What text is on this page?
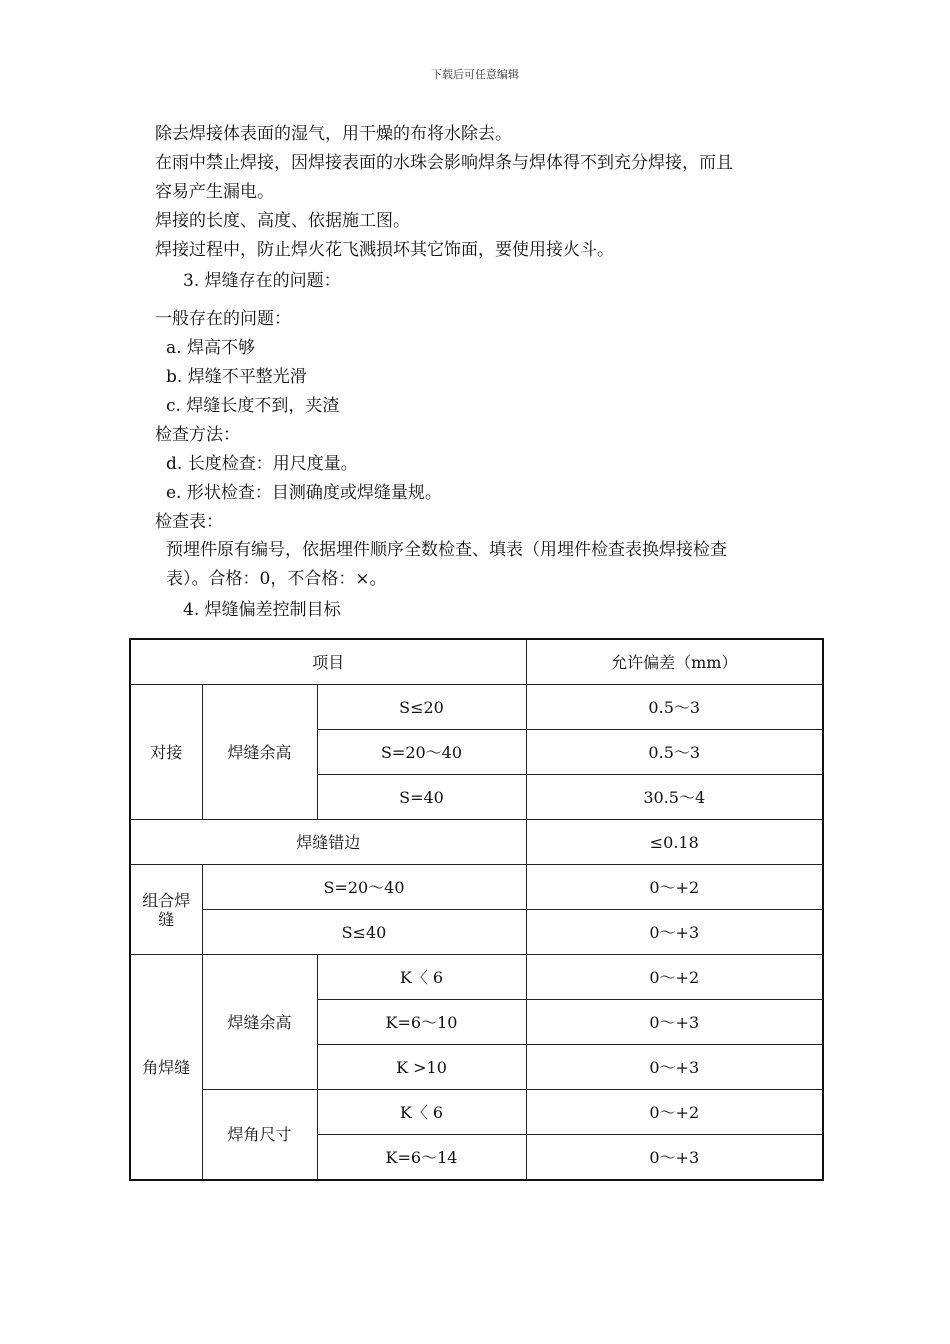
下载后可任意编辑
除去焊接体表面的湿气，用干燥的布将水除去。
在雨中禁止焊接，因焊接表面的水珠会影响焊条与焊体得不到充分焊接，而且
容易产生漏电。
焊接的长度、高度、依据施工图。
焊接过程中，防止焊火花飞溅损坏其它饰面，要使用接火斗。
3. 焊缝存在的问题：
一般存在的问题：
a. 焊高不够
b. 焊缝不平整光滑
c. 焊缝长度不到，夹渣
检查方法：
d. 长度检查：用尺度量。
e. 形状检查：目测确度或焊缝量规。
检查表：
预埋件原有编号，依据埋件顺序全数检查、填表（用埋件检查表换焊接检查
表）。合格：0，不合格：×。
4. 焊缝偏差控制目标
项目			允许偏差（mm）
对接	焊缝余高	S≤20	0.5～3
		S=20～40	0.5～3
		S=40	30.5～4
焊缝错边			≤0.18
组合焊缝	S=20～40		0～+2
	S≤40		0～+3
角焊缝	焊缝余高	K〈 6	0～+2
		K=6～10	0～+3
		K >10	0～+3
	焊角尺寸	K〈 6	0～+2
		K=6～14	0～+3
